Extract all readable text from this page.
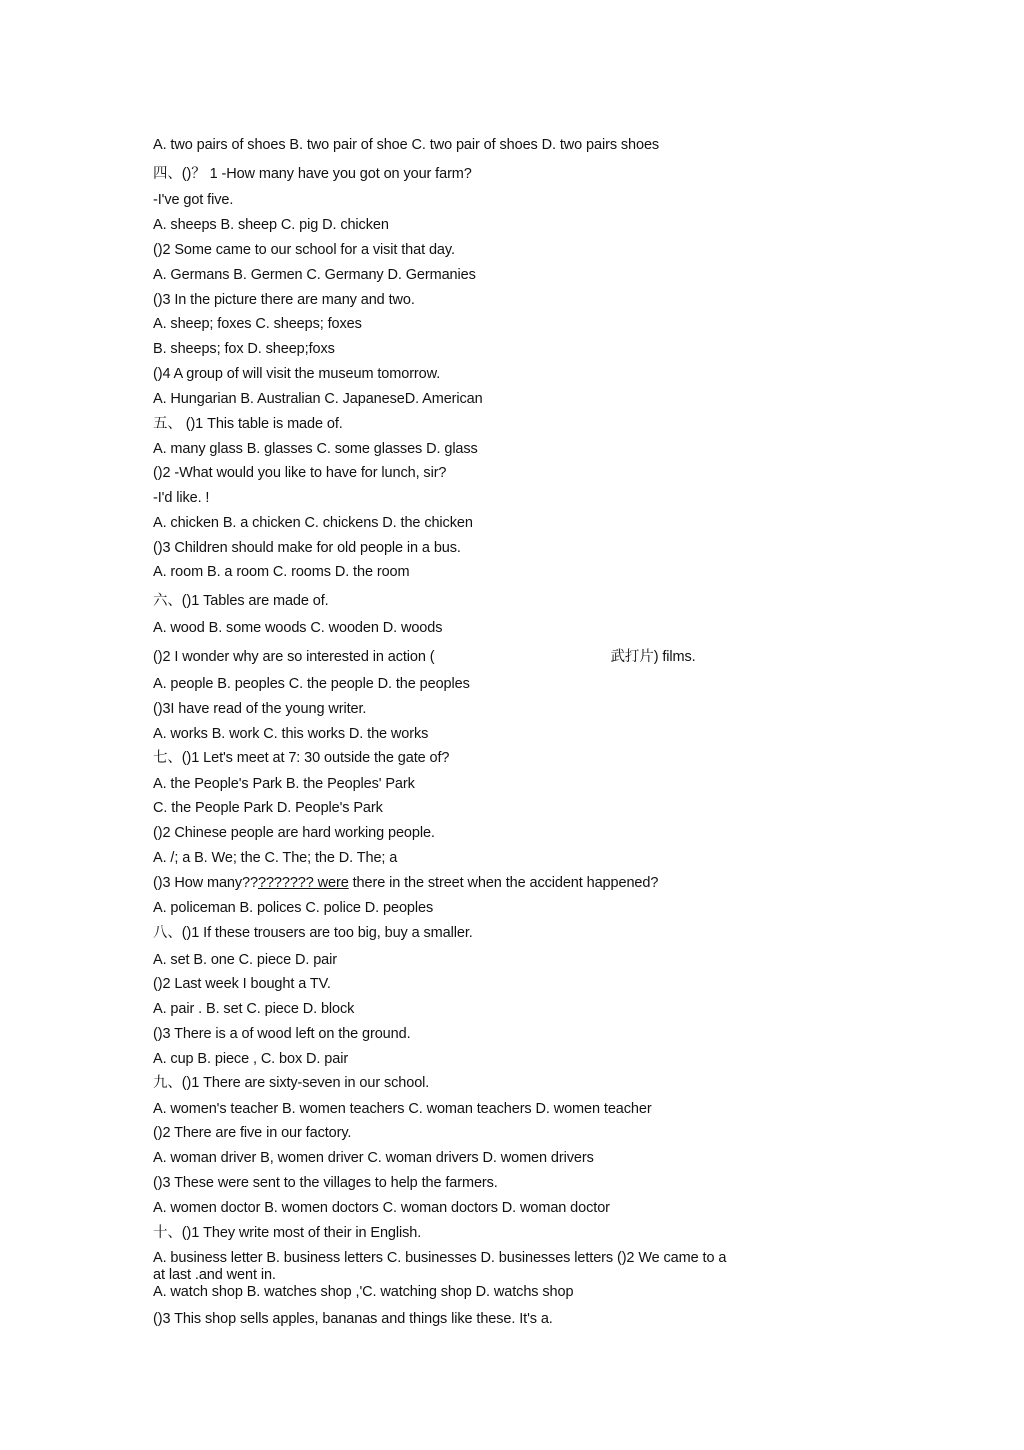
A. two pairs of shoes B. two pair of shoe C. two pair of shoes D. two pairs shoes

四、()？ 1 -How many have you got on your farm?

-I've got five.

A. sheeps B. sheep C. pig D. chicken

()2 Some came to our school for a visit that day.

A. Germans B. Germen C. Germany D. Germanies

()3 In the picture there are many and two.

A. sheep; foxes C. sheeps; foxes

B. sheeps; fox D. sheep;foxs

()4 A group of will visit the museum tomorrow.

A. Hungarian B. Australian C. JapaneseD. American

五、 ()1 This table is made of.

A. many glass B. glasses C. some glasses D. glass

()2 -What would you like to have for lunch, sir?

-I'd like. !

A. chicken B. a chicken C. chickens D. the chicken

()3 Children should make for old people in a bus.

A. room B. a room C. rooms D. the room

六、()1 Tables are made of.

A. wood B. some woods C. wooden D. woods

()2 I wonder why are so interested in action (	武打片) films.

A. people B. peoples C. the people D. the peoples

()3I have read of the young writer.

A. works B. work C. this works D. the works

七、()1 Let's meet at 7: 30 outside the gate of?

A. the People's Park B. the Peoples' Park

C. the People Park D. People's Park

()2 Chinese people are hard working people.

A. /; a B. We; the C. The; the D. The; a

()3 How many????????? were there in the street when the accident happened?

A. policeman B. polices C. police D. peoples

八、()1 If these trousers are too big, buy a smaller.

A. set B. one C. piece D. pair

()2 Last week I bought a TV.

A. pair . B. set C. piece D. block

()3 There is a of wood left on the ground.

A. cup B. piece , C. box D. pair

九、()1 There are sixty-seven in our school.

A. women's teacher B. women teachers C. woman teachers D. women teacher

()2 There are five in our factory.

A. woman driver B, women driver C. woman drivers D. women drivers

()3 These were sent to the villages to help the farmers.

A. women doctor B. women doctors C. woman doctors D. woman doctor

十、()1 They write most of their in English.

A. business letter B. business letters C. businesses D. businesses letters ()2 We came to a at last .and went in.

A. watch shop B. watches shop ,'C. watching shop D. watchs shop

()3 This shop sells apples, bananas and things like these. It's a.
